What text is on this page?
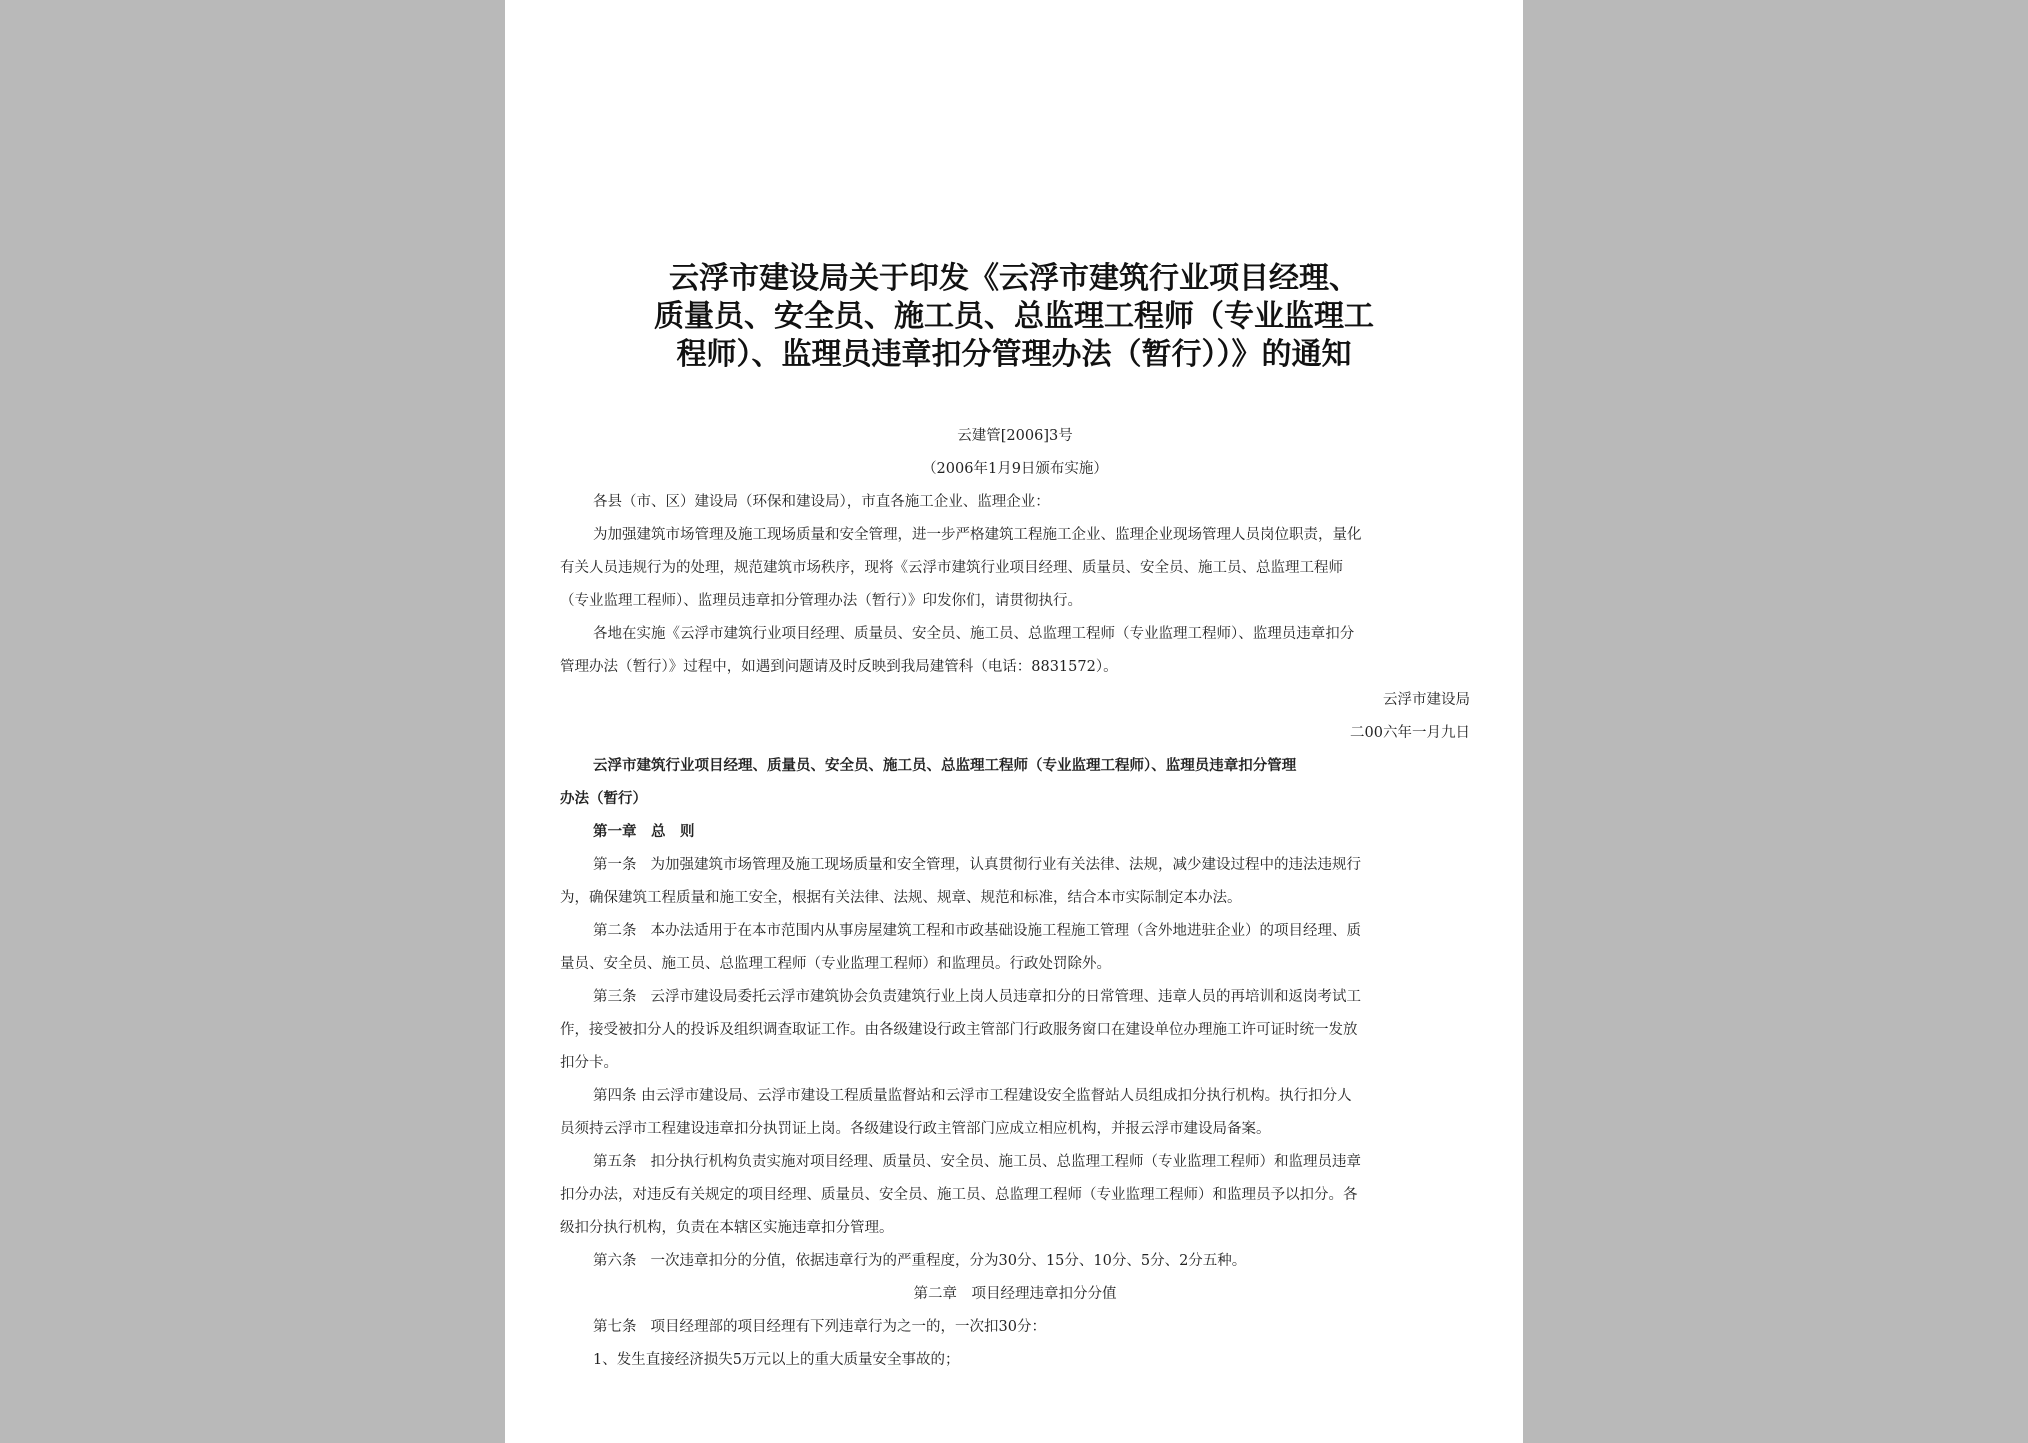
云浮市建设局关于印发《云浮市建筑行业项目经理、
质量员、安全员、施工员、总监理工程师（专业监理工
程师）、监理员违章扣分管理办法（暂行））》的通知
云建管[2006]3号
（2006年1月9日颁布实施）
各县（市、区）建设局（环保和建设局），市直各施工企业、监理企业：
为加强建筑市场管理及施工现场质量和安全管理，进一步严格建筑工程施工企业、监理企业现场管理人员岗位职责，量化
有关人员违规行为的处理，规范建筑市场秩序，现将《云浮市建筑行业项目经理、质量员、安全员、施工员、总监理工程师
（专业监理工程师）、监理员违章扣分管理办法（暂行）》印发你们，请贯彻执行。
各地在实施《云浮市建筑行业项目经理、质量员、安全员、施工员、总监理工程师（专业监理工程师）、监理员违章扣分
管理办法（暂行）》过程中，如遇到问题请及时反映到我局建管科（电话：8831572）。
云浮市建设局
二00六年一月九日
云浮市建筑行业项目经理、质量员、安全员、施工员、总监理工程师（专业监理工程师）、监理员违章扣分管理
办法（暂行）
第一章　总　则
第一条 为加强建筑市场管理及施工现场质量和安全管理，认真贯彻行业有关法律、法规，减少建设过程中的违法违规行
为，确保建筑工程质量和施工安全，根据有关法律、法规、规章、规范和标准，结合本市实际制定本办法。
第二条 本办法适用于在本市范围内从事房屋建筑工程和市政基础设施工程施工管理（含外地进驻企业）的项目经理、质
量员、安全员、施工员、总监理工程师（专业监理工程师）和监理员。行政处罚除外。
第三条 云浮市建设局委托云浮市建筑协会负责建筑行业上岗人员违章扣分的日常管理、违章人员的再培训和返岗考试工
作，接受被扣分人的投诉及组织调查取证工作。由各级建设行政主管部门行政服务窗口在建设单位办理施工许可证时统一发放
扣分卡。
第四条 由云浮市建设局、云浮市建设工程质量监督站和云浮市工程建设安全监督站人员组成扣分执行机构。执行扣分人
员须持云浮市工程建设违章扣分执罚证上岗。各级建设行政主管部门应成立相应机构，并报云浮市建设局备案。
第五条 扣分执行机构负责实施对项目经理、质量员、安全员、施工员、总监理工程师（专业监理工程师）和监理员违章
扣分办法，对违反有关规定的项目经理、质量员、安全员、施工员、总监理工程师（专业监理工程师）和监理员予以扣分。各
级扣分执行机构，负责在本辖区实施违章扣分管理。
第六条 一次违章扣分的分值，依据违章行为的严重程度，分为30分、15分、10分、5分、2分五种。
第二章　项目经理违章扣分分值
第七条 项目经理部的项目经理有下列违章行为之一的，一次扣30分：
1、发生直接经济损失5万元以上的重大质量安全事故的；
